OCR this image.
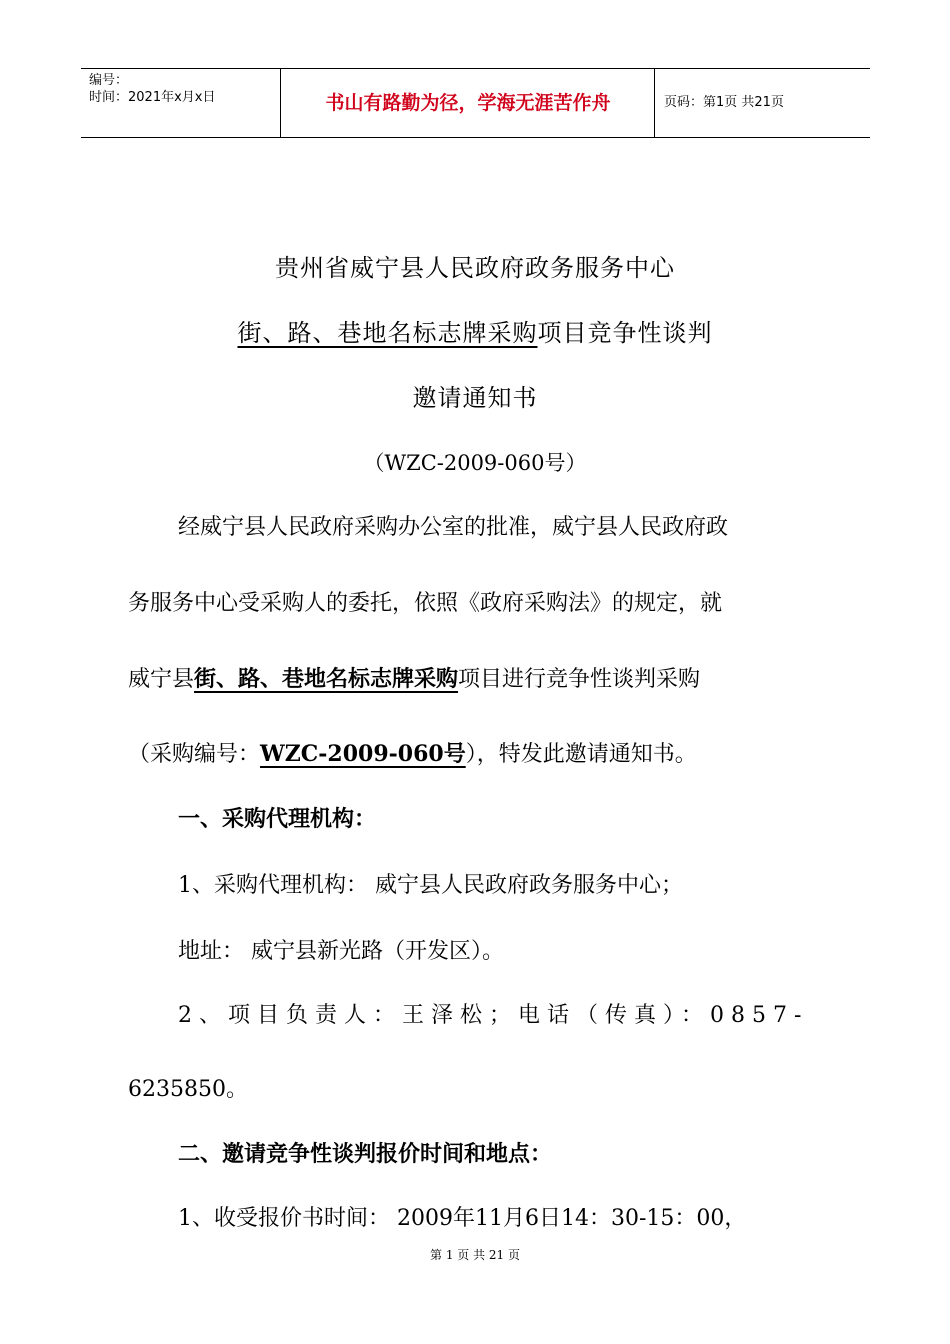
编号：
时间：2021年x月x日	书山有路勤为径，学海无涯苦作舟	页码：第1页 共21页
贵州省威宁县人民政府政务服务中心
街、路、巷地名标志牌采购项目竞争性谈判
邀请通知书
（WZC-2009-060号）
经威宁县人民政府采购办公室的批准，威宁县人民政府政
务服务中心受采购人的委托，依照《政府采购法》的规定，就
威宁县街、路、巷地名标志牌采购项目进行竞争性谈判采购
（采购编号：WZC-2009-060号），特发此邀请通知书。
一、采购代理机构：
1、采购代理机构： 威宁县人民政府政务服务中心；
地址： 威宁县新光路（开发区）。
2、项目负责人：王泽松；电话（传真）：0857-
6235850。
二、邀请竞争性谈判报价时间和地点：
1、收受报价书时间： 2009年11月6日14：30-15：00，
第 1 页 共 21 页
